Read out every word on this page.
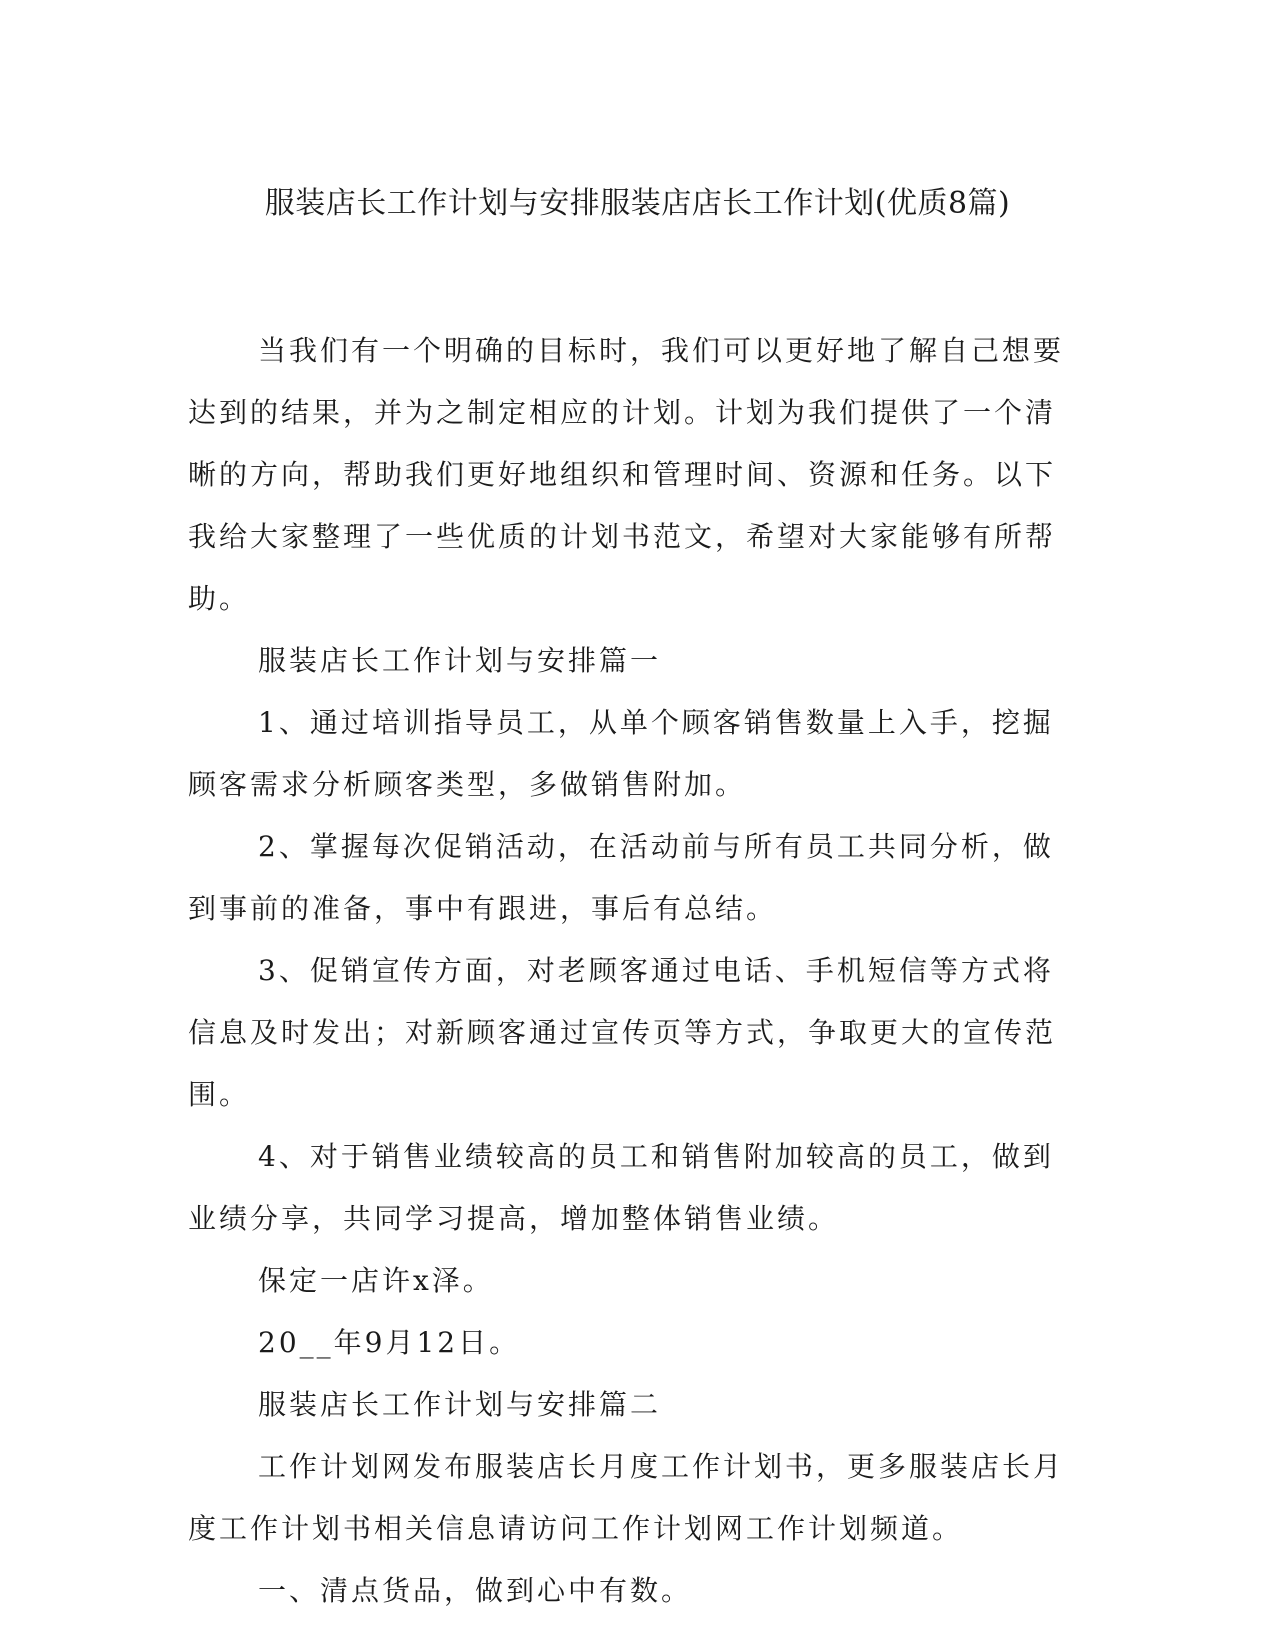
服装店长工作计划与安排服装店店长工作计划(优质8篇)

当我们有一个明确的目标时，我们可以更好地了解自己想要达到的结果，并为之制定相应的计划。计划为我们提供了一个清晰的方向，帮助我们更好地组织和管理时间、资源和任务。以下我给大家整理了一些优质的计划书范文，希望对大家能够有所帮助。

服装店长工作计划与安排篇一

1、通过培训指导员工，从单个顾客销售数量上入手，挖掘顾客需求分析顾客类型，多做销售附加。

2、掌握每次促销活动，在活动前与所有员工共同分析，做到事前的准备，事中有跟进，事后有总结。

3、促销宣传方面，对老顾客通过电话、手机短信等方式将信息及时发出；对新顾客通过宣传页等方式，争取更大的宣传范围。

4、对于销售业绩较高的员工和销售附加较高的员工，做到业绩分享，共同学习提高，增加整体销售业绩。

保定一店许x泽。

20__年9月12日。

服装店长工作计划与安排篇二

工作计划网发布服装店长月度工作计划书，更多服装店长月度工作计划书相关信息请访问工作计划网工作计划频道。

一、清点货品，做到心中有数。
